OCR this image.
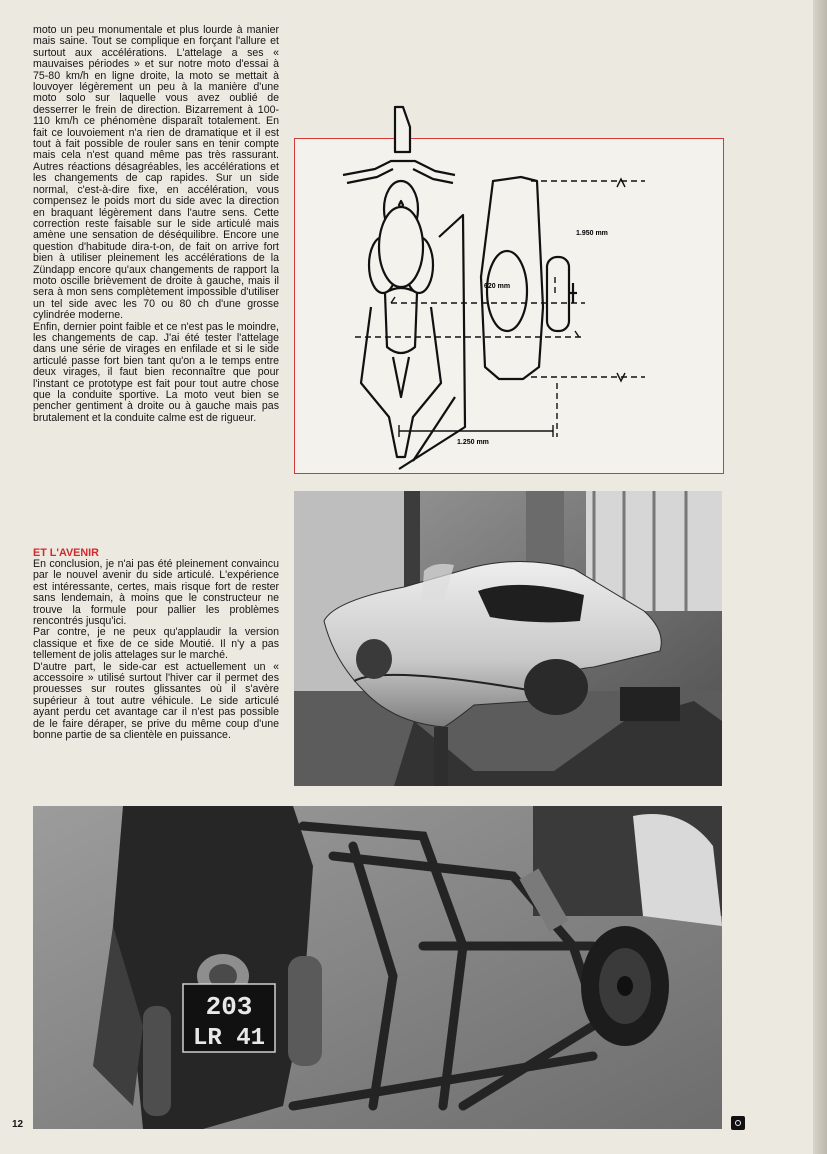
moto un peu monumentale et plus lourde à manier mais saine. Tout se complique en forçant l'allure et surtout aux accélérations. L'attelage a ses « mauvaises périodes » et sur notre moto d'essai à 75-80 km/h en ligne droite, la moto se mettait à louvoyer légèrement un peu à la manière d'une moto solo sur laquelle vous avez oublié de desserrer le frein de direction. Bizarrement à 100-110 km/h ce phénomène disparaît totalement. En fait ce louvoiement n'a rien de dramatique et il est tout à fait possible de rouler sans en tenir compte mais cela n'est quand même pas très rassurant. Autres réactions désagréables, les accélérations et les changements de cap rapides. Sur un side normal, c'est-à-dire fixe, en accélération, vous compensez le poids mort du side avec la direction en braquant légèrement dans l'autre sens. Cette correction reste faisable sur le side articulé mais amène une sensation de déséquilibre. Encore une question d'habitude dira-t-on, de fait on arrive fort bien à utiliser pleinement les accélérations de la Zündapp encore qu'aux changements de rapport la moto oscille brièvement de droite à gauche, mais il sera à mon sens complètement impossible d'utiliser un tel side avec les 70 ou 80 ch d'une grosse cylindrée moderne.

Enfin, dernier point faible et ce n'est pas le moindre, les changements de cap. J'ai été tester l'attelage dans une série de virages en enfilade et si le side articulé passe fort bien tant qu'on a le temps entre deux virages, il faut bien reconnaître que pour l'instant ce prototype est fait pour tout autre chose que la conduite sportive. La moto veut bien se pencher gentiment à droite ou à gauche mais pas brutalement et la conduite calme est de rigueur.

ET L'AVENIR

En conclusion, je n'ai pas été pleinement convaincu par le nouvel avenir du side articulé. L'expérience est intéressante, certes, mais risque fort de rester sans lendemain, à moins que le constructeur ne trouve la formule pour pallier les problèmes rencontrés jusqu'ici.

Par contre, je ne peux qu'applaudir la version classique et fixe de ce side Moutié. Il n'y a pas tellement de jolis attelages sur le marché.

D'autre part, le side-car est actuellement un « accessoire » utilisé surtout l'hiver car il permet des prouesses sur routes glissantes où il s'avère supérieur à tout autre véhicule. Le side articulé ayant perdu cet avantage car il n'est pas possible de le faire déraper, se prive du même coup d'une bonne partie de sa clientèle en puissance.

1.950 mm
620 mm
1.250 mm
203
LR 41
12
